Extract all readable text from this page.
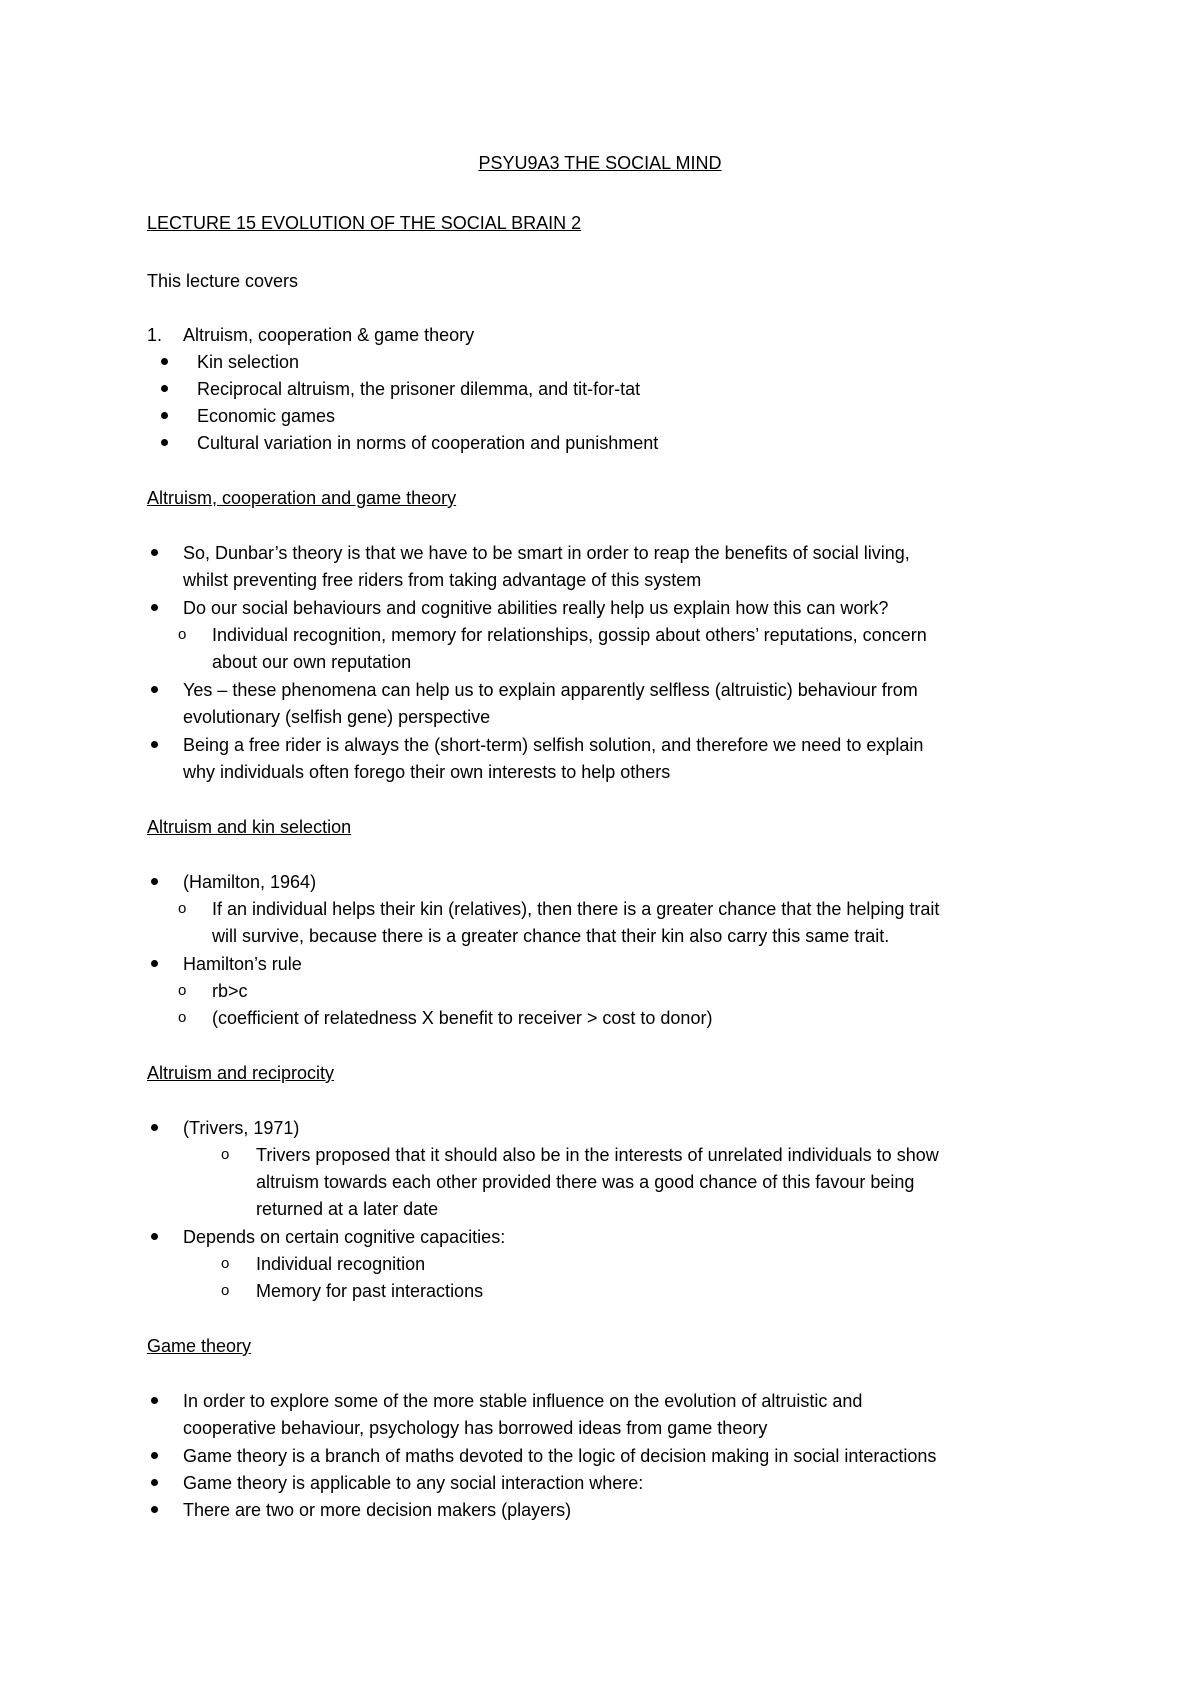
PSYU9A3 THE SOCIAL MIND
LECTURE 15 EVOLUTION OF THE SOCIAL BRAIN 2
This lecture covers
1. Altruism, cooperation & game theory
Kin selection
Reciprocal altruism, the prisoner dilemma, and tit-for-tat
Economic games
Cultural variation in norms of cooperation and punishment
Altruism, cooperation and game theory
So, Dunbar’s theory is that we have to be smart in order to reap the benefits of social living,
whilst preventing free riders from taking advantage of this system
Do our social behaviours and cognitive abilities really help us explain how this can work?
o Individual recognition, memory for relationships, gossip about others’ reputations, concern
about our own reputation
Yes – these phenomena can help us to explain apparently selfless (altruistic) behaviour from
evolutionary (selfish gene) perspective
Being a free rider is always the (short-term) selfish solution, and therefore we need to explain
why individuals often forego their own interests to help others
Altruism and kin selection
(Hamilton, 1964)
o If an individual helps their kin (relatives), then there is a greater chance that the helping trait
will survive, because there is a greater chance that their kin also carry this same trait.
Hamilton’s rule
o rb>c
o (coefficient of relatedness X benefit to receiver > cost to donor)
Altruism and reciprocity
(Trivers, 1971)
o Trivers proposed that it should also be in the interests of unrelated individuals to show
altruism towards each other provided there was a good chance of this favour being
returned at a later date
Depends on certain cognitive capacities:
o Individual recognition
o Memory for past interactions
Game theory
In order to explore some of the more stable influence on the evolution of altruistic and
cooperative behaviour, psychology has borrowed ideas from game theory
Game theory is a branch of maths devoted to the logic of decision making in social interactions
Game theory is applicable to any social interaction where:
There are two or more decision makers (players)
